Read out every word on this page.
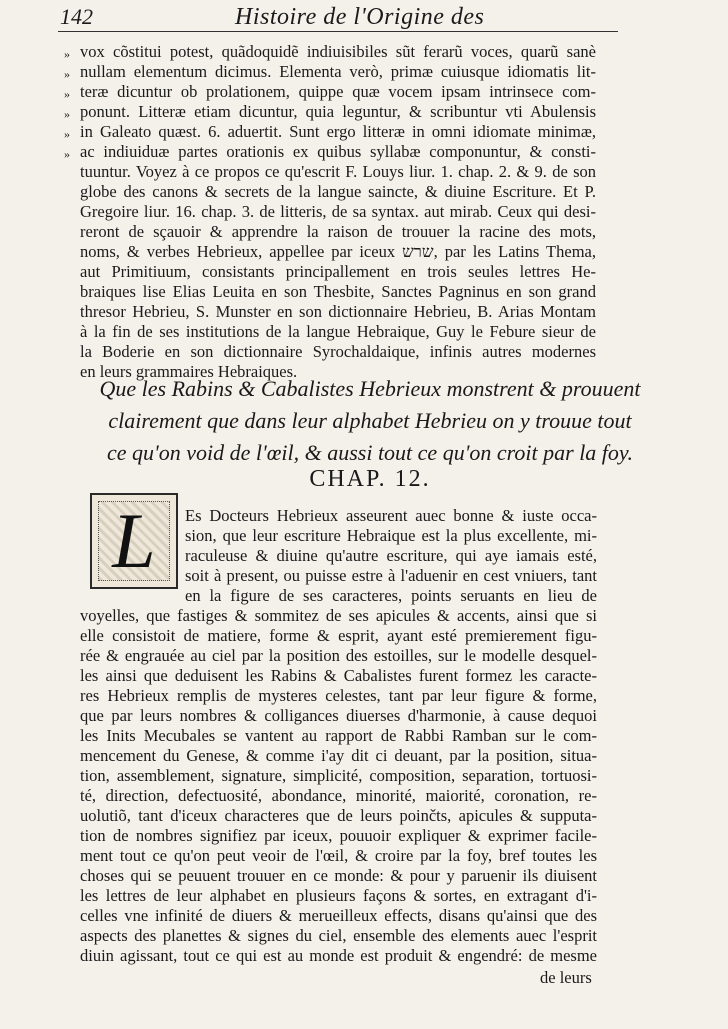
142	Histoire de l'Origine des
»
»
»
»
»
»
vox cõstitui potest, quãdoquidẽ indiuisibiles sũt ferarũ voces, quarũ sanè
nullam elementum dicimus. Elementa verò, primæ cuiusque idiomatis lit-
teræ dicuntur ob prolationem, quippe quæ vocem ipsam intrinsece com-
ponunt. Litteræ etiam dicuntur, quia leguntur, & scribuntur vti Abulensis
in Galeato quæst. 6. aduertit. Sunt ergo litteræ in omni idiomate minimæ,
ac indiuiduæ partes orationis ex quibus syllabæ componuntur, & consti-
tuuntur. Voyez à ce propos ce qu'escrit F. Louys liur. 1. chap. 2. & 9. de son
globe des canons & secrets de la langue saincte, & diuine Escriture. Et P.
Gregoire liur. 16. chap. 3. de litteris, de sa syntax. aut mirab. Ceux qui desi-
reront de sçauoir & apprendre la raison de trouuer la racine des mots,
noms, & verbes Hebrieux, appellee par iceux שרש, par les Latins Thema,
aut Primitiuum, consistants principallement en trois seules lettres He-
braiques lise Elias Leuita en son Thesbite, Sanctes Pagninus en son grand
thresor Hebrieu, S. Munster en son dictionnaire Hebrieu, B. Arias Montam
à la fin de ses institutions de la langue Hebraique, Guy le Febure sieur de
la Boderie en son dictionnaire Syrochaldaique, infinis autres modernes
en leurs grammaires Hebraiques.
Que les Rabins & Cabalistes Hebrieux monstrent & prouuent
clairement que dans leur alphabet Hebrieu on y trouue tout
ce qu'on void de l'œil, & aussi tout ce qu'on croit par la foy.
CHAP. 12.
L	Es Docteurs Hebrieux asseurent auec bonne & iuste occa-
sion, que leur escriture Hebraique est la plus excellente, mi-
raculeuse & diuine qu'autre escriture, qui aye iamais esté,
soit à present, ou puisse estre à l'aduenir en cest vniuers, tant
en la figure de ses caracteres, points seruants en lieu de
voyelles, que fastiges & sommitez de ses apicules & accents, ainsi que si
elle consistoit de matiere, forme & esprit, ayant esté premierement figu-
rée & engrauée au ciel par la position des estoilles, sur le modelle desquel-
les ainsi que deduisent les Rabins & Cabalistes furent formez les caracte-
res Hebrieux remplis de mysteres celestes, tant par leur figure & forme,
que par leurs nombres & colligances diuerses d'harmonie, à cause dequoi
les Inits Mecubales se vantent au rapport de Rabbi Ramban sur le com-
mencement du Genese, & comme i'ay dit ci deuant, par la position, situa-
tion, assemblement, signature, simplicité, composition, separation, tortuosi-
té, direction, defectuosité, abondance, minorité, maiorité, coronation, re-
uolutiõ, tant d'iceux characteres que de leurs poinčts, apicules & supputa-
tion de nombres signifiez par iceux, pouuoir expliquer & exprimer facile-
ment tout ce qu'on peut veoir de l'œil, & croire par la foy, bref toutes les
choses qui se peuuent trouuer en ce monde: & pour y paruenir ils diuisent
les lettres de leur alphabet en plusieurs façons & sortes, en extragant d'i-
celles vne infinité de diuers & merueilleux effects, disans qu'ainsi que des
aspects des planettes & signes du ciel, ensemble des elements auec l'esprit
diuin agissant, tout ce qui est au monde est produit & engendré: de mesme
de leurs
